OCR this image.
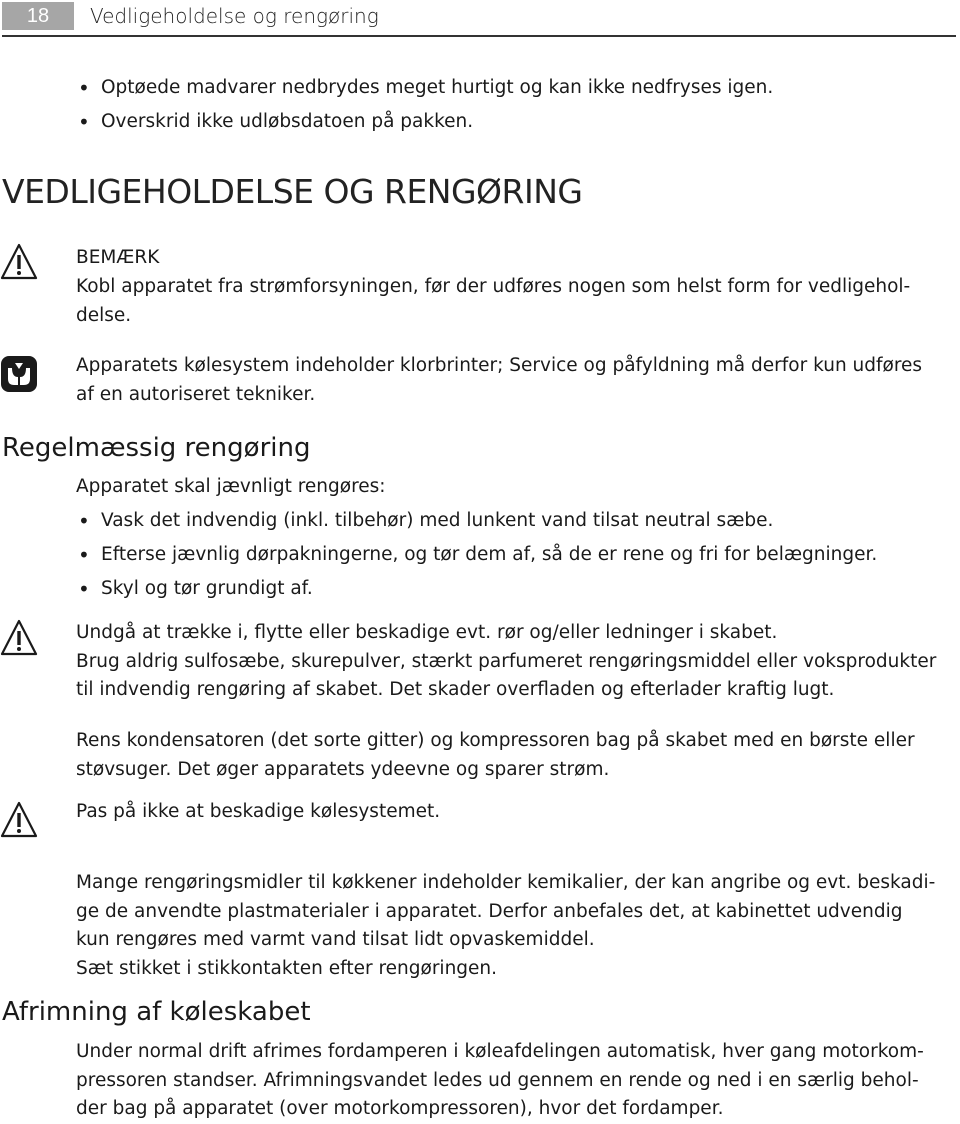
18	Vedligeholdelse og rengøring
• Optøede madvarer nedbrydes meget hurtigt og kan ikke nedfryses igen.
• Overskrid ikke udløbsdatoen på pakken.
VEDLIGEHOLDELSE OG RENGØRING
BEMÆRK
Kobl apparatet fra strømforsyningen, før der udføres nogen som helst form for vedligehol-
delse.
Apparatets kølesystem indeholder klorbrinter; Service og påfyldning må derfor kun udføres
af en autoriseret tekniker.
Regelmæssig rengøring
Apparatet skal jævnligt rengøres:
• Vask det indvendig (inkl. tilbehør) med lunkent vand tilsat neutral sæbe.
• Efterse jævnlig dørpakningerne, og tør dem af, så de er rene og fri for belægninger.
• Skyl og tør grundigt af.
Undgå at trække i, flytte eller beskadige evt. rør og/eller ledninger i skabet.
Brug aldrig sulfosæbe, skurepulver, stærkt parfumeret rengøringsmiddel eller voksprodukter
til indvendig rengøring af skabet. Det skader overfladen og efterlader kraftig lugt.
Rens kondensatoren (det sorte gitter) og kompressoren bag på skabet med en børste eller
støvsuger. Det øger apparatets ydeevne og sparer strøm.
Pas på ikke at beskadige kølesystemet.
Mange rengøringsmidler til køkkener indeholder kemikalier, der kan angribe og evt. beskadi-
ge de anvendte plastmaterialer i apparatet. Derfor anbefales det, at kabinettet udvendig
kun rengøres med varmt vand tilsat lidt opvaskemiddel.
Sæt stikket i stikkontakten efter rengøringen.
Afrimning af køleskabet
Under normal drift afrimes fordamperen i køleafdelingen automatisk, hver gang motorkom-
pressoren standser. Afrimningsvandet ledes ud gennem en rende og ned i en særlig behol-
der bag på apparatet (over motorkompressoren), hvor det fordamper.
